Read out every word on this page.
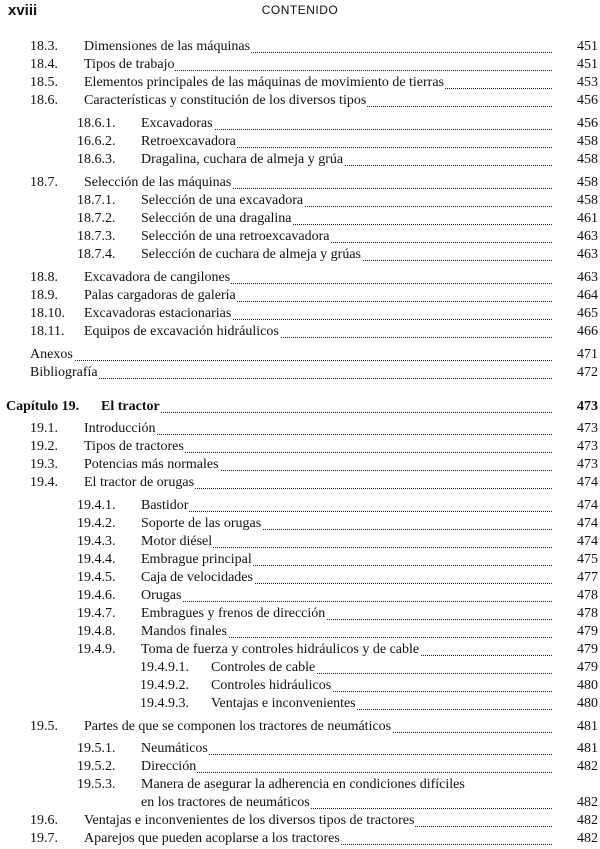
xviii	CONTENIDO
18.3. Dimensiones de las máquinas	451
18.4. Tipos de trabajo	451
18.5. Elementos principales de las máquinas de movimiento de tierras	453
18.6. Características y constitución de los diversos tipos	456
18.6.1. Excavadoras	456
16.6.2. Retroexcavadora	458
18.6.3. Dragalina, cuchara de almeja y grúa	458
18.7. Selección de las máquinas	458
18.7.1. Selección de una excavadora	458
18.7.2. Selección de una dragalina	461
18.7.3. Selección de una retroexcavadora	463
18.7.4. Selección de cuchara de almeja y grúas	463
18.8. Excavadora de cangilones	463
18.9. Palas cargadoras de galería	464
18.10. Excavadoras estacionarias	465
18.11. Equipos de excavación hidráulicos	466
Anexos	471
Bibliografía	472
Capítulo 19. El tractor	473
19.1. Introducción	473
19.2. Tipos de tractores	473
19.3. Potencias más normales	473
19.4. El tractor de orugas	474
19.4.1. Bastidor	474
19.4.2. Soporte de las orugas	474
19.4.3. Motor diésel	474
19.4.4. Embrague principal	475
19.4.5. Caja de velocidades	477
19.4.6. Orugas	478
19.4.7. Embragues y frenos de dirección	478
19.4.8. Mandos finales	479
19.4.9. Toma de fuerza y controles hidráulicos y de cable	479
19.4.9.1. Controles de cable	479
19.4.9.2. Controles hidráulicos	480
19.4.9.3. Ventajas e inconvenientes	480
19.5. Partes de que se componen los tractores de neumáticos	481
19.5.1. Neumáticos	481
19.5.2. Dirección	482
19.5.3. Manera de asegurar la adherencia en condiciones difíciles
en los tractores de neumáticos	482
19.6. Ventajas e inconvenientes de los diversos tipos de tractores	482
19.7. Aparejos que pueden acoplarse a los tractores	482
